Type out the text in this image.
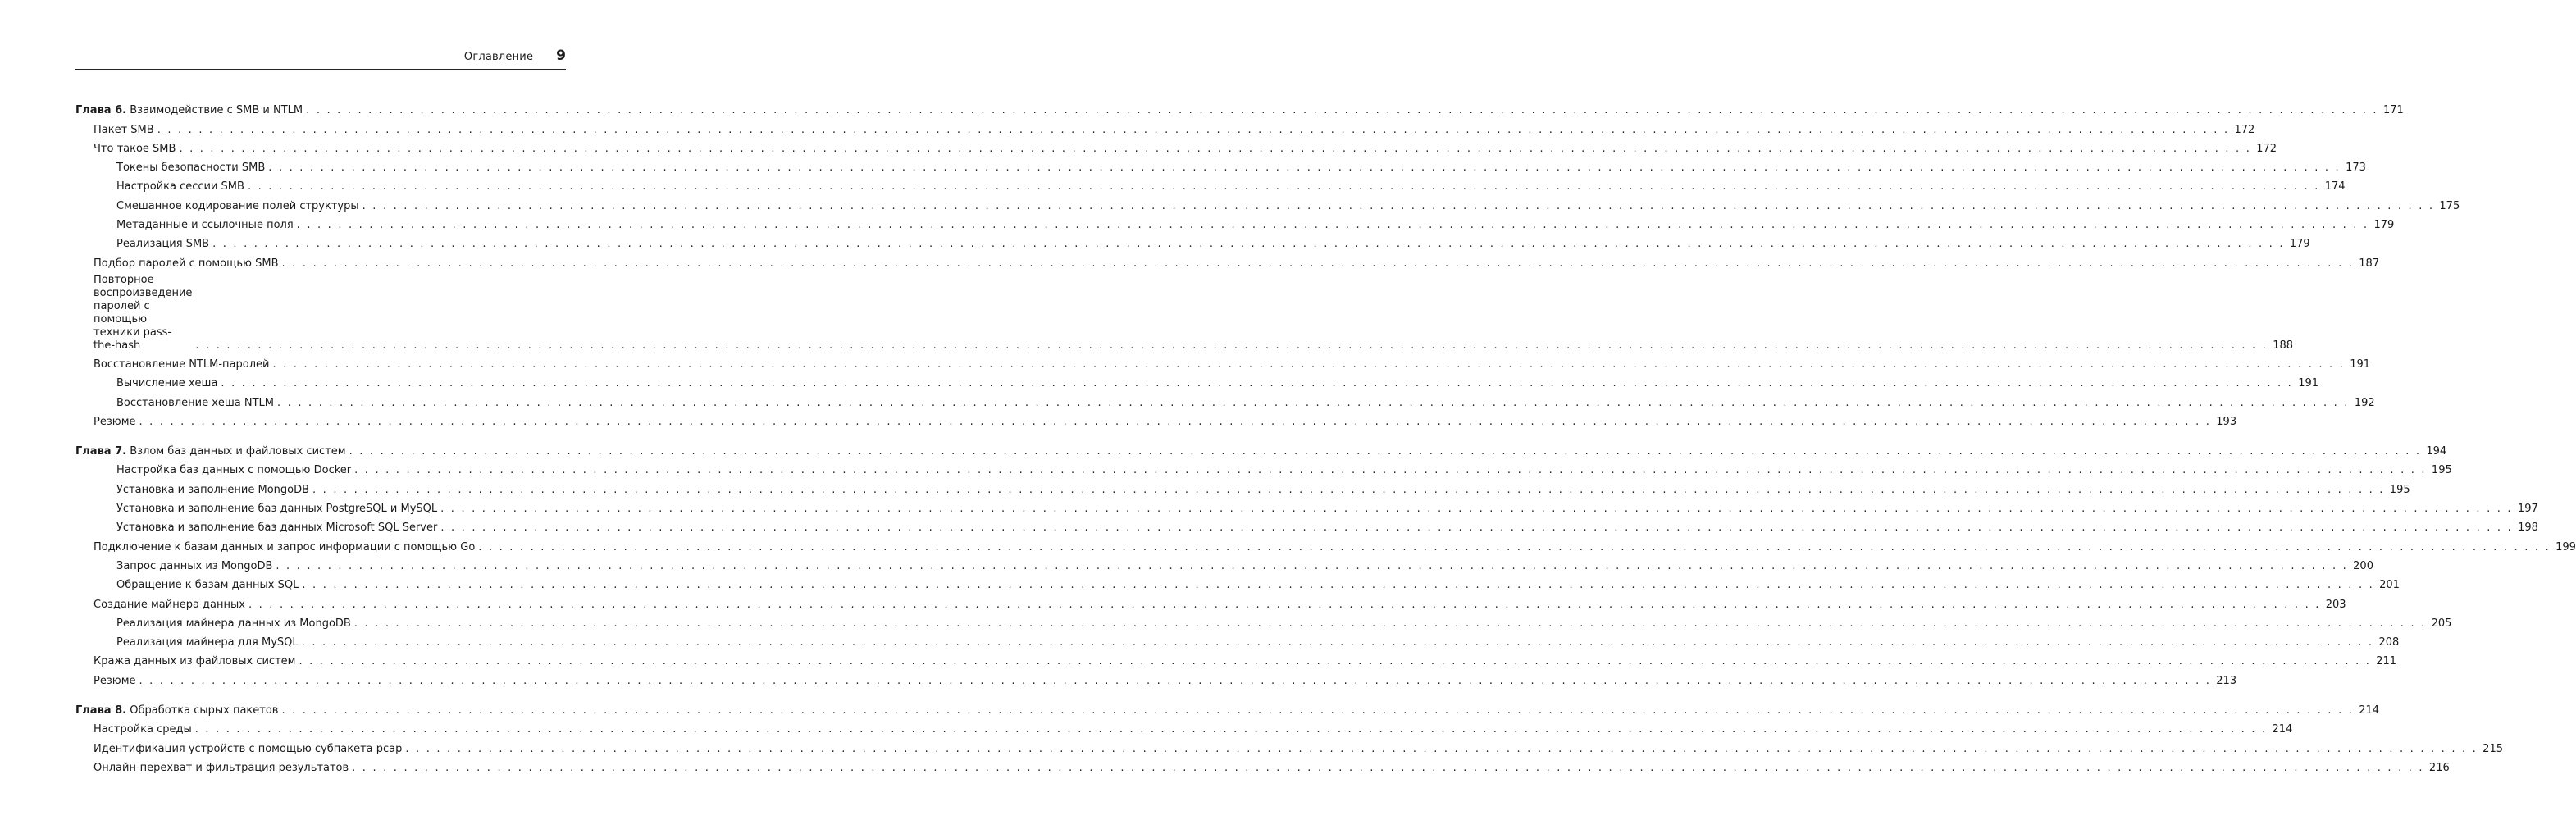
Оглавление 9
Глава 6. Взаимодействие с SMB и NTLM . . . . . . . . . . . . . . . . . . . . . . . . . . . . . . . . . . . . . . . . . . . . . . . . . . . . . . . . . . . . . . . . . . . . . . . . . . . . . . . . . . . . . . . . . . . . . . . . . . . . . . . . . . . . . . . . . . . . . . . . . . . . . . . . . . . . . . . . . . . . . . . . . . . . . . . . . . . . . . . . . . . . . . . . . . . . . . . . . . . . . . . . . . . . . . . . . . . . . . . . 171
Пакет SMB . . . . . . . . . . . . . . . . . . . . . . . . . . . . . . . . . . . . . . . . . . . . . . . . . . . . . . . . . . . . . . . . . . . . . . . . . . . . . . . . . . . . . . . . . . . . . . . . . . . . . . . . . . . . . . . . . . . . . . . . . . . . . . . . . . . . . . . . . . . . . . . . . . . . . . . . . . . . . . . . . . . . . . . . . . . . . . . . . . . . . . . . . . . . . . . . . . . . . . . . 172
Что такое SMB . . . . . . . . . . . . . . . . . . . . . . . . . . . . . . . . . . . . . . . . . . . . . . . . . . . . . . . . . . . . . . . . . . . . . . . . . . . . . . . . . . . . . . . . . . . . . . . . . . . . . . . . . . . . . . . . . . . . . . . . . . . . . . . . . . . . . . . . . . . . . . . . . . . . . . . . . . . . . . . . . . . . . . . . . . . . . . . . . . . . . . . . . . . . . . . . . . . . . . . . 172
Токены безопасности SMB . . . . . . . . . . . . . . . . . . . . . . . . . . . . . . . . . . . . . . . . . . . . . . . . . . . . . . . . . . . . . . . . . . . . . . . . . . . . . . . . . . . . . . . . . . . . . . . . . . . . . . . . . . . . . . . . . . . . . . . . . . . . . . . . . . . . . . . . . . . . . . . . . . . . . . . . . . . . . . . . . . . . . . . . . . . . . . . . . . . . . . . . . . . . . . . . . . . . . . . . 173
Настройка сессии SMB . . . . . . . . . . . . . . . . . . . . . . . . . . . . . . . . . . . . . . . . . . . . . . . . . . . . . . . . . . . . . . . . . . . . . . . . . . . . . . . . . . . . . . . . . . . . . . . . . . . . . . . . . . . . . . . . . . . . . . . . . . . . . . . . . . . . . . . . . . . . . . . . . . . . . . . . . . . . . . . . . . . . . . . . . . . . . . . . . . . . . . . . . . . . . . . . . . . . . . . . 174
Смешанное кодирование полей структуры . . . . . . . . . . . . . . . . . . . . . . . . . . . . . . . . . . . . . . . . . . . . . . . . . . . . . . . . . . . . . . . . . . . . . . . . . . . . . . . . . . . . . . . . . . . . . . . . . . . . . . . . . . . . . . . . . . . . . . . . . . . . . . . . . . . . . . . . . . . . . . . . . . . . . . . . . . . . . . . . . . . . . . . . . . . . . . . . . . . . . . . . . . . . . . . . . . . . . . . . 175
Метаданные и ссылочные поля . . . . . . . . . . . . . . . . . . . . . . . . . . . . . . . . . . . . . . . . . . . . . . . . . . . . . . . . . . . . . . . . . . . . . . . . . . . . . . . . . . . . . . . . . . . . . . . . . . . . . . . . . . . . . . . . . . . . . . . . . . . . . . . . . . . . . . . . . . . . . . . . . . . . . . . . . . . . . . . . . . . . . . . . . . . . . . . . . . . . . . . . . . . . . . . . . . . . . . . . 179
Реализация SMB . . . . . . . . . . . . . . . . . . . . . . . . . . . . . . . . . . . . . . . . . . . . . . . . . . . . . . . . . . . . . . . . . . . . . . . . . . . . . . . . . . . . . . . . . . . . . . . . . . . . . . . . . . . . . . . . . . . . . . . . . . . . . . . . . . . . . . . . . . . . . . . . . . . . . . . . . . . . . . . . . . . . . . . . . . . . . . . . . . . . . . . . . . . . . . . . . . . . . . . . 179
Подбор паролей с помощью SMB . . . . . . . . . . . . . . . . . . . . . . . . . . . . . . . . . . . . . . . . . . . . . . . . . . . . . . . . . . . . . . . . . . . . . . . . . . . . . . . . . . . . . . . . . . . . . . . . . . . . . . . . . . . . . . . . . . . . . . . . . . . . . . . . . . . . . . . . . . . . . . . . . . . . . . . . . . . . . . . . . . . . . . . . . . . . . . . . . . . . . . . . . . . . . . . . . . . . . . . . 187
Повторное воспроизведение паролей с помощью
техники pass-the-hash	. . . . . . . . . . . . . . . . . . . . . . . . . . . . . . . . . . . . . . . . . . . . . . . . . . . . . . . . . . . . . . . . . . . . . . . . . . . . . . . . . . . . . . . . . . . . . . . . . . . . . . . . . . . . . . . . . . . . . . . . . . . . . . . . . . . . . . . . . . . . . . . . . . . . . . . . . . . . . . . . . . . . . . . . . . . . . . . . . . . . . . . . . . . . . . . . . . . . . . . . 188
Восстановление NTLM-паролей . . . . . . . . . . . . . . . . . . . . . . . . . . . . . . . . . . . . . . . . . . . . . . . . . . . . . . . . . . . . . . . . . . . . . . . . . . . . . . . . . . . . . . . . . . . . . . . . . . . . . . . . . . . . . . . . . . . . . . . . . . . . . . . . . . . . . . . . . . . . . . . . . . . . . . . . . . . . . . . . . . . . . . . . . . . . . . . . . . . . . . . . . . . . . . . . . . . . . . . . 191
Вычисление хеша . . . . . . . . . . . . . . . . . . . . . . . . . . . . . . . . . . . . . . . . . . . . . . . . . . . . . . . . . . . . . . . . . . . . . . . . . . . . . . . . . . . . . . . . . . . . . . . . . . . . . . . . . . . . . . . . . . . . . . . . . . . . . . . . . . . . . . . . . . . . . . . . . . . . . . . . . . . . . . . . . . . . . . . . . . . . . . . . . . . . . . . . . . . . . . . . . . . . . . . . 191
Восстановление хеша NTLM . . . . . . . . . . . . . . . . . . . . . . . . . . . . . . . . . . . . . . . . . . . . . . . . . . . . . . . . . . . . . . . . . . . . . . . . . . . . . . . . . . . . . . . . . . . . . . . . . . . . . . . . . . . . . . . . . . . . . . . . . . . . . . . . . . . . . . . . . . . . . . . . . . . . . . . . . . . . . . . . . . . . . . . . . . . . . . . . . . . . . . . . . . . . . . . . . . . . . . . . 192
Резюме . . . . . . . . . . . . . . . . . . . . . . . . . . . . . . . . . . . . . . . . . . . . . . . . . . . . . . . . . . . . . . . . . . . . . . . . . . . . . . . . . . . . . . . . . . . . . . . . . . . . . . . . . . . . . . . . . . . . . . . . . . . . . . . . . . . . . . . . . . . . . . . . . . . . . . . . . . . . . . . . . . . . . . . . . . . . . . . . . . . . . . . . . . . . . . . . . . . . . . . . 193
Глава 7. Взлом баз данных и файловых систем . . . . . . . . . . . . . . . . . . . . . . . . . . . . . . . . . . . . . . . . . . . . . . . . . . . . . . . . . . . . . . . . . . . . . . . . . . . . . . . . . . . . . . . . . . . . . . . . . . . . . . . . . . . . . . . . . . . . . . . . . . . . . . . . . . . . . . . . . . . . . . . . . . . . . . . . . . . . . . . . . . . . . . . . . . . . . . . . . . . . . . . . . . . . . . . . . . . . . . . . 194
Настройка баз данных с помощью Docker . . . . . . . . . . . . . . . . . . . . . . . . . . . . . . . . . . . . . . . . . . . . . . . . . . . . . . . . . . . . . . . . . . . . . . . . . . . . . . . . . . . . . . . . . . . . . . . . . . . . . . . . . . . . . . . . . . . . . . . . . . . . . . . . . . . . . . . . . . . . . . . . . . . . . . . . . . . . . . . . . . . . . . . . . . . . . . . . . . . . . . . . . . . . . . . . . . . . . . . . 195
Установка и заполнение MongoDB . . . . . . . . . . . . . . . . . . . . . . . . . . . . . . . . . . . . . . . . . . . . . . . . . . . . . . . . . . . . . . . . . . . . . . . . . . . . . . . . . . . . . . . . . . . . . . . . . . . . . . . . . . . . . . . . . . . . . . . . . . . . . . . . . . . . . . . . . . . . . . . . . . . . . . . . . . . . . . . . . . . . . . . . . . . . . . . . . . . . . . . . . . . . . . . . . . . . . . . . 195
Установка и заполнение баз данных PostgreSQL и MySQL . . . . . . . . . . . . . . . . . . . . . . . . . . . . . . . . . . . . . . . . . . . . . . . . . . . . . . . . . . . . . . . . . . . . . . . . . . . . . . . . . . . . . . . . . . . . . . . . . . . . . . . . . . . . . . . . . . . . . . . . . . . . . . . . . . . . . . . . . . . . . . . . . . . . . . . . . . . . . . . . . . . . . . . . . . . . . . . . . . . . . . . . . . . . . . . . . . . . . . . . 197
Установка и заполнение баз данных Microsoft SQL Server . . . . . . . . . . . . . . . . . . . . . . . . . . . . . . . . . . . . . . . . . . . . . . . . . . . . . . . . . . . . . . . . . . . . . . . . . . . . . . . . . . . . . . . . . . . . . . . . . . . . . . . . . . . . . . . . . . . . . . . . . . . . . . . . . . . . . . . . . . . . . . . . . . . . . . . . . . . . . . . . . . . . . . . . . . . . . . . . . . . . . . . . . . . . . . . . . . . . . . . . 198
Подключение к базам данных и запрос информации с помощью Go . . . . . . . . . . . . . . . . . . . . . . . . . . . . . . . . . . . . . . . . . . . . . . . . . . . . . . . . . . . . . . . . . . . . . . . . . . . . . . . . . . . . . . . . . . . . . . . . . . . . . . . . . . . . . . . . . . . . . . . . . . . . . . . . . . . . . . . . . . . . . . . . . . . . . . . . . . . . . . . . . . . . . . . . . . . . . . . . . . . . . . . . . . . . . . . . . . . . . . . . 199
Запрос данных из MongoDB . . . . . . . . . . . . . . . . . . . . . . . . . . . . . . . . . . . . . . . . . . . . . . . . . . . . . . . . . . . . . . . . . . . . . . . . . . . . . . . . . . . . . . . . . . . . . . . . . . . . . . . . . . . . . . . . . . . . . . . . . . . . . . . . . . . . . . . . . . . . . . . . . . . . . . . . . . . . . . . . . . . . . . . . . . . . . . . . . . . . . . . . . . . . . . . . . . . . . . . . 200
Обращение к базам данных SQL . . . . . . . . . . . . . . . . . . . . . . . . . . . . . . . . . . . . . . . . . . . . . . . . . . . . . . . . . . . . . . . . . . . . . . . . . . . . . . . . . . . . . . . . . . . . . . . . . . . . . . . . . . . . . . . . . . . . . . . . . . . . . . . . . . . . . . . . . . . . . . . . . . . . . . . . . . . . . . . . . . . . . . . . . . . . . . . . . . . . . . . . . . . . . . . . . . . . . . . . 201
Создание майнера данных . . . . . . . . . . . . . . . . . . . . . . . . . . . . . . . . . . . . . . . . . . . . . . . . . . . . . . . . . . . . . . . . . . . . . . . . . . . . . . . . . . . . . . . . . . . . . . . . . . . . . . . . . . . . . . . . . . . . . . . . . . . . . . . . . . . . . . . . . . . . . . . . . . . . . . . . . . . . . . . . . . . . . . . . . . . . . . . . . . . . . . . . . . . . . . . . . . . . . . . . 203
Реализация майнера данных из MongoDB . . . . . . . . . . . . . . . . . . . . . . . . . . . . . . . . . . . . . . . . . . . . . . . . . . . . . . . . . . . . . . . . . . . . . . . . . . . . . . . . . . . . . . . . . . . . . . . . . . . . . . . . . . . . . . . . . . . . . . . . . . . . . . . . . . . . . . . . . . . . . . . . . . . . . . . . . . . . . . . . . . . . . . . . . . . . . . . . . . . . . . . . . . . . . . . . . . . . . . . . 205
Реализация майнера для MySQL . . . . . . . . . . . . . . . . . . . . . . . . . . . . . . . . . . . . . . . . . . . . . . . . . . . . . . . . . . . . . . . . . . . . . . . . . . . . . . . . . . . . . . . . . . . . . . . . . . . . . . . . . . . . . . . . . . . . . . . . . . . . . . . . . . . . . . . . . . . . . . . . . . . . . . . . . . . . . . . . . . . . . . . . . . . . . . . . . . . . . . . . . . . . . . . . . . . . . . . . 208
Кража данных из файловых систем . . . . . . . . . . . . . . . . . . . . . . . . . . . . . . . . . . . . . . . . . . . . . . . . . . . . . . . . . . . . . . . . . . . . . . . . . . . . . . . . . . . . . . . . . . . . . . . . . . . . . . . . . . . . . . . . . . . . . . . . . . . . . . . . . . . . . . . . . . . . . . . . . . . . . . . . . . . . . . . . . . . . . . . . . . . . . . . . . . . . . . . . . . . . . . . . . . . . . . . . 211
Резюме . . . . . . . . . . . . . . . . . . . . . . . . . . . . . . . . . . . . . . . . . . . . . . . . . . . . . . . . . . . . . . . . . . . . . . . . . . . . . . . . . . . . . . . . . . . . . . . . . . . . . . . . . . . . . . . . . . . . . . . . . . . . . . . . . . . . . . . . . . . . . . . . . . . . . . . . . . . . . . . . . . . . . . . . . . . . . . . . . . . . . . . . . . . . . . . . . . . . . . . . 213
Глава 8. Обработка сырых пакетов . . . . . . . . . . . . . . . . . . . . . . . . . . . . . . . . . . . . . . . . . . . . . . . . . . . . . . . . . . . . . . . . . . . . . . . . . . . . . . . . . . . . . . . . . . . . . . . . . . . . . . . . . . . . . . . . . . . . . . . . . . . . . . . . . . . . . . . . . . . . . . . . . . . . . . . . . . . . . . . . . . . . . . . . . . . . . . . . . . . . . . . . . . . . . . . . . . . . . . . . 214
Настройка среды . . . . . . . . . . . . . . . . . . . . . . . . . . . . . . . . . . . . . . . . . . . . . . . . . . . . . . . . . . . . . . . . . . . . . . . . . . . . . . . . . . . . . . . . . . . . . . . . . . . . . . . . . . . . . . . . . . . . . . . . . . . . . . . . . . . . . . . . . . . . . . . . . . . . . . . . . . . . . . . . . . . . . . . . . . . . . . . . . . . . . . . . . . . . . . . . . . . . . . . . 214
Идентификация устройств с помощью субпакета pcap . . . . . . . . . . . . . . . . . . . . . . . . . . . . . . . . . . . . . . . . . . . . . . . . . . . . . . . . . . . . . . . . . . . . . . . . . . . . . . . . . . . . . . . . . . . . . . . . . . . . . . . . . . . . . . . . . . . . . . . . . . . . . . . . . . . . . . . . . . . . . . . . . . . . . . . . . . . . . . . . . . . . . . . . . . . . . . . . . . . . . . . . . . . . . . . . . . . . . . . . 215
Онлайн-перехват и фильтрация результатов . . . . . . . . . . . . . . . . . . . . . . . . . . . . . . . . . . . . . . . . . . . . . . . . . . . . . . . . . . . . . . . . . . . . . . . . . . . . . . . . . . . . . . . . . . . . . . . . . . . . . . . . . . . . . . . . . . . . . . . . . . . . . . . . . . . . . . . . . . . . . . . . . . . . . . . . . . . . . . . . . . . . . . . . . . . . . . . . . . . . . . . . . . . . . . . . . . . . . . . . 216
